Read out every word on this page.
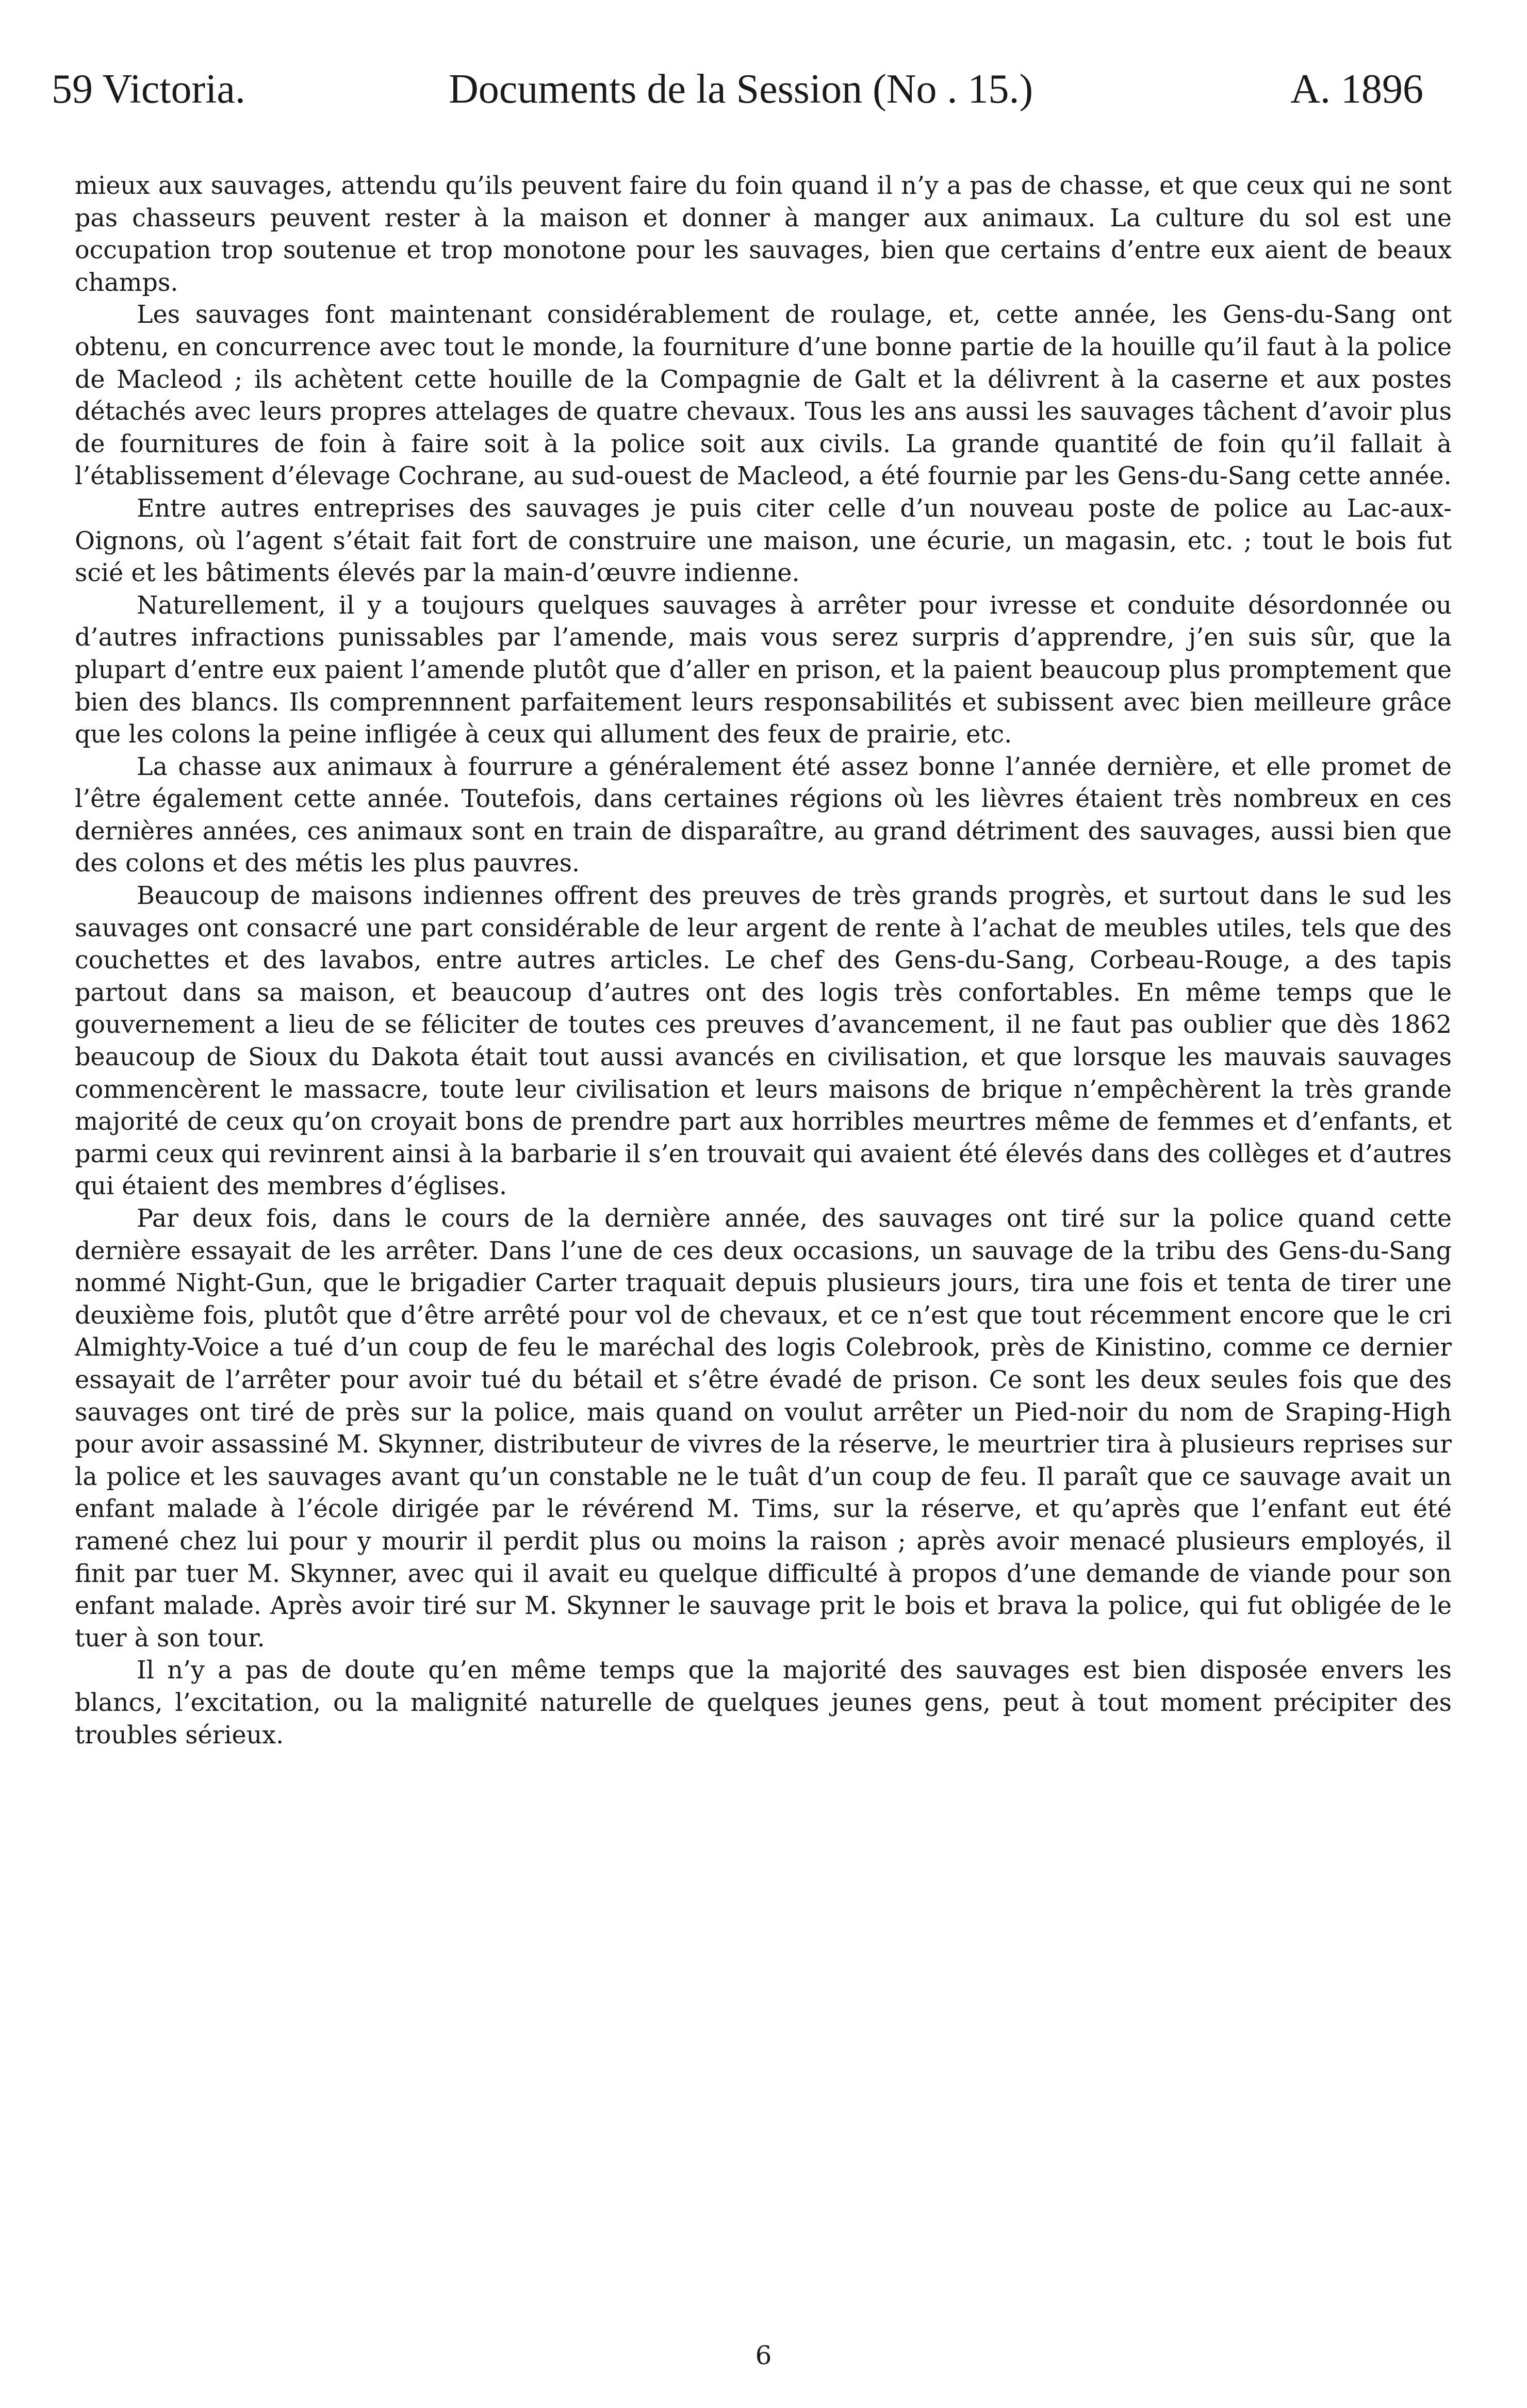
59 Victoria.	Documents de la Session (No . 15.)	A. 1896

mieux aux sauvages, attendu qu’ils peuvent faire du foin quand il n’y a pas de chasse, et que ceux qui ne sont pas chasseurs peuvent rester à la maison et donner à manger aux animaux. La culture du sol est une occupation trop soutenue et trop monotone pour les sauvages, bien que certains d’entre eux aient de beaux champs.

Les sauvages font maintenant considérablement de roulage, et, cette année, les Gens-du-Sang ont obtenu, en concurrence avec tout le monde, la fourniture d’une bonne partie de la houille qu’il faut à la police de Macleod ; ils achètent cette houille de la Compagnie de Galt et la délivrent à la caserne et aux postes détachés avec leurs propres attelages de quatre chevaux. Tous les ans aussi les sauvages tâchent d’avoir plus de fournitures de foin à faire soit à la police soit aux civils. La grande quantité de foin qu’il fallait à l’établissement d’élevage Cochrane, au sud-ouest de Macleod, a été fournie par les Gens-du-Sang cette année.

Entre autres entreprises des sauvages je puis citer celle d’un nouveau poste de police au Lac-aux-Oignons, où l’agent s’était fait fort de construire une maison, une écurie, un magasin, etc. ; tout le bois fut scié et les bâtiments élevés par la main-d’œuvre indienne.

Naturellement, il y a toujours quelques sauvages à arrêter pour ivresse et conduite désordonnée ou d’autres infractions punissables par l’amende, mais vous serez surpris d’apprendre, j’en suis sûr, que la plupart d’entre eux paient l’amende plutôt que d’aller en prison, et la paient beaucoup plus promptement que bien des blancs. Ils comprennnent parfaitement leurs responsabilités et subissent avec bien meilleure grâce que les colons la peine infligée à ceux qui allument des feux de prairie, etc.

La chasse aux animaux à fourrure a généralement été assez bonne l’année dernière, et elle promet de l’être également cette année. Toutefois, dans certaines régions où les lièvres étaient très nombreux en ces dernières années, ces animaux sont en train de disparaître, au grand détriment des sauvages, aussi bien que des colons et des métis les plus pauvres.

Beaucoup de maisons indiennes offrent des preuves de très grands progrès, et surtout dans le sud les sauvages ont consacré une part considérable de leur argent de rente à l’achat de meubles utiles, tels que des couchettes et des lavabos, entre autres articles. Le chef des Gens-du-Sang, Corbeau-Rouge, a des tapis partout dans sa maison, et beaucoup d’autres ont des logis très confortables. En même temps que le gouvernement a lieu de se féliciter de toutes ces preuves d’avancement, il ne faut pas oublier que dès 1862 beaucoup de Sioux du Dakota était tout aussi avancés en civilisation, et que lorsque les mauvais sauvages commencèrent le massacre, toute leur civilisation et leurs maisons de brique n’empêchèrent la très grande majorité de ceux qu’on croyait bons de prendre part aux horribles meurtres même de femmes et d’enfants, et parmi ceux qui revinrent ainsi à la barbarie il s’en trouvait qui avaient été élevés dans des collèges et d’autres qui étaient des membres d’églises.

Par deux fois, dans le cours de la dernière année, des sauvages ont tiré sur la police quand cette dernière essayait de les arrêter. Dans l’une de ces deux occasions, un sauvage de la tribu des Gens-du-Sang nommé Night-Gun, que le brigadier Carter traquait depuis plusieurs jours, tira une fois et tenta de tirer une deuxième fois, plutôt que d’être arrêté pour vol de chevaux, et ce n’est que tout récemment encore que le cri Almighty-Voice a tué d’un coup de feu le maréchal des logis Colebrook, près de Kinistino, comme ce dernier essayait de l’arrêter pour avoir tué du bétail et s’être évadé de prison. Ce sont les deux seules fois que des sauvages ont tiré de près sur la police, mais quand on voulut arrêter un Pied-noir du nom de Sraping-High pour avoir assassiné M. Skynner, distributeur de vivres de la réserve, le meurtrier tira à plusieurs reprises sur la police et les sauvages avant qu’un constable ne le tuât d’un coup de feu. Il paraît que ce sauvage avait un enfant malade à l’école dirigée par le révérend M. Tims, sur la réserve, et qu’après que l’enfant eut été ramené chez lui pour y mourir il perdit plus ou moins la raison ; après avoir menacé plusieurs employés, il finit par tuer M. Skynner, avec qui il avait eu quelque difficulté à propos d’une demande de viande pour son enfant malade. Après avoir tiré sur M. Skynner le sauvage prit le bois et brava la police, qui fut obligée de le tuer à son tour.

Il n’y a pas de doute qu’en même temps que la majorité des sauvages est bien disposée envers les blancs, l’excitation, ou la malignité naturelle de quelques jeunes gens, peut à tout moment précipiter des troubles sérieux.

6
